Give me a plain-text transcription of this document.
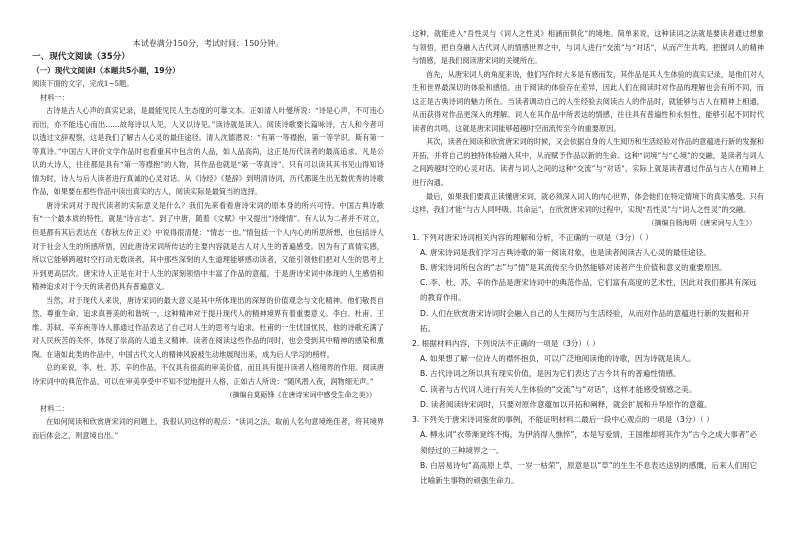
本试卷满分150分，考试时间：150分钟。

一、现代文阅读（35分）

（一）现代文阅读Ⅰ（本题共5小题，19分）

阅读下面的文字，完成1~5题。

材料一：

古诗是古人心声的真实记录，是最能见民人生态度的可靠文本。正如清人叶燮所说：“诗是心声，不可违心而出，亦不能违心而出……故每诗以人见，人又以诗见。”读诗就是读人。阅读诗歌要长篇咏诗，古人和今者可以透过文辞观察，这是我们了解古人心灵的最佳途径。清人沈德潜说：“有第一等襟抱，第一等学识，斯有第一等真诗。”中国古人评价文学作品时也看重其中包含的人品，如人品高尚，这正是历代读者的最高追求。凡是公认的大诗人，往往都是具有“第一等襟抱”的人物，其作品也就是“第一等真诗”。只有可以读其其书见山得知诗情为时，诗人与后人读者进行真诚的心灵对话。从《诗经》《楚辞》到明清诗词，历代都诞生出无数优秀的诗歌作品，如果要在那些作品中读出真实的古人，阅读实际是最简当的选择。

唐诗宋词对于现代读者的实际意义是什么？我们先来看看唐诗宋词的原本身的所兴可恃。中国古典诗歌有“一个最本质的特性，就是“诗言志”。到了中唐，随着《文赋》中又提出“诗缘情”。有人认为二者并不对立，但是都有其后表达在《春秋左传正义》中说得很清楚：“情志一也。”情包括一个人内心的所思所想，也包括诗人对于社会人生的所感所悟，因此唐诗宋词所传达的主要内容就是古人对人生的普遍感受。因为有了真情实感，所以它能够跨越时空打动无数读者，其中那些深刻的人生道理能够感动读者，又能引领他们把对人生的思考上升到更高层次。唐宋诗人正是在对于人生的深刻领悟中丰富了作品的意蕴，于是唐诗宋词中体现的人生感悟和精神追求对于今天的读者仍具有普遍意义。

当然，对于现代人来说，唐诗宋词的最大意义是其中所体现出的深厚的价值观念与文化精神。他们敬畏自然、尊重生命，追求真善美的和谐统一，这种精神对于提升现代人的精神境界有着重要意义。李白、杜甫、王维、苏轼、辛弃疾等诗人都通过作品表达了自己对人生的思考与追求。杜甫的一生忧国忧民，他的诗歌充满了对人民疾苦的关怀，体现了崇高的人道主义精神。读者在阅读这些作品的同时，也会受到其中精神的感染和熏陶。在诸如此类的作品中，中国古代文人的精神风貌被生动地展现出来，成为后人学习的榜样。

总的来说，李、杜、苏、辛的作品，不仅具有很高的审美价值，而且具有提升读者人格境界的作用。阅读唐诗宋词中的典范作品，可以在审美享受中不知不觉地提升人格，正如古人所说：“随风潜入夜，润物细无声。”

（摘编自莫砺锋《在唐诗宋词中感受生命之美》）

材料二：

在如何阅读和欣赏唐宋词的问题上，我很认同这样的观点：“读词之法，取前人名句意境绝佳者，将其境界而后体会之，则意境自出。”

这种，就能进入“吾性灵与《词人之性灵》相涵而俱化”的境地。简单来说，这种读词之法就是要读者通过想象与领悟，把自身融入古代词人的情感世界之中，与词人进行“交流”与“对话”，从而产生共鸣。把握词人的精神与情感，是我们阅读唐宋词的关键所在。

首先，从唐宋词人的角度来说，他们写作时大多是有感而发，其作品是其人生体验的真实记录，是他们对人生和世界最深切的体验和感悟。由于阅读的体验存在差异，因此人们在阅读时对作品的理解也会有所不同，而这正是古典诗词的魅力所在。当读者调动自己的人生经验去阅读古人的作品时，就能够与古人在精神上相通，从而获得对作品更深入的理解。词人在其作品中所表达的情感，往往具有普遍性和永恒性，能够引起不同时代读者的共鸣，这就是唐宋词能够超越时空而流传至今的重要原因。

其次，读者在阅读和欣赏唐宋词的时候，又会依据自身的人生阅历和生活经验对作品的意蕴进行新的发掘和开拓，并将自己的独特体验融入其中，从而赋予作品以新的生命。这种“词境”与“心境”的交融，是读者与词人之间跨越时空的心灵对话。读者与词人之间的这种“交流”与“对话”，实际上就是读者通过作品与古人在精神上进行沟通。

最后，如果我们要真正读懂唐宋词，就必须深入词人的内心世界，体会他们在特定情境下的真实感受。只有这样，我们才能“与古人同呼吸、共命运”，在欣赏唐宋词的过程中，实现“吾性灵”与“词人之性灵”的交融。

（摘编自杨海明《唐宋词与人生》）

1. 下列对唐宋诗词相关内容的理解和分析，不正确的一项是（3分）（ ）

A. 唐宋诗词是我们学习古典诗歌的第一阅读对象，也是读者阅读古人心灵的最佳途径。

B. 唐宋诗词所包含的“志”与“情”是其流传至今仍然能够对读者产生价值和意义的重要原因。

C. 李、杜、苏、辛的作品是唐宋诗词中的典范作品，它们富有高度的艺术性，因此对我们都具有深远的教育作用。

D. 人们在欣赏唐宋诗词时会融入自己的人生阅历与生活经验，从而对作品的意蕴进行新的发掘和开拓。

2. 根据材料内容，下列说法不正确的一项是（3分）（ ）

A. 如果想了解一位诗人的襟怀抱负，可以广泛地阅读他的诗歌，因为诗就是读人。

B. 古代诗词之所以具有现实价值，是因为它们表达了古今共有的普遍性情感。

C. 读者与古代词人进行有关人生体验的“交流”与“对话”，这样才能感受情感之美。

D. 读者阅读诗宋词时，只要对原作意蕴加以开拓和阐释，就会扩展和升华原作的意蕴。

3. 下列关于唐宋诗词鉴赏的事例，不能证明材料二最后一段中心观点的一项是（3分）（ ）

A. 柳永词“衣带渐宽终不悔，为伊消得人憔悴”，本是写爱情，王国维却将其作为“古今之成大事者”必须经过的三种境界之一。

B. 白居易诗句“高高原上草，一岁一枯荣”，原意是以“草”的生生不息表达送别的感慨，后来人们用它比喻新生事物的顽强生命力。
